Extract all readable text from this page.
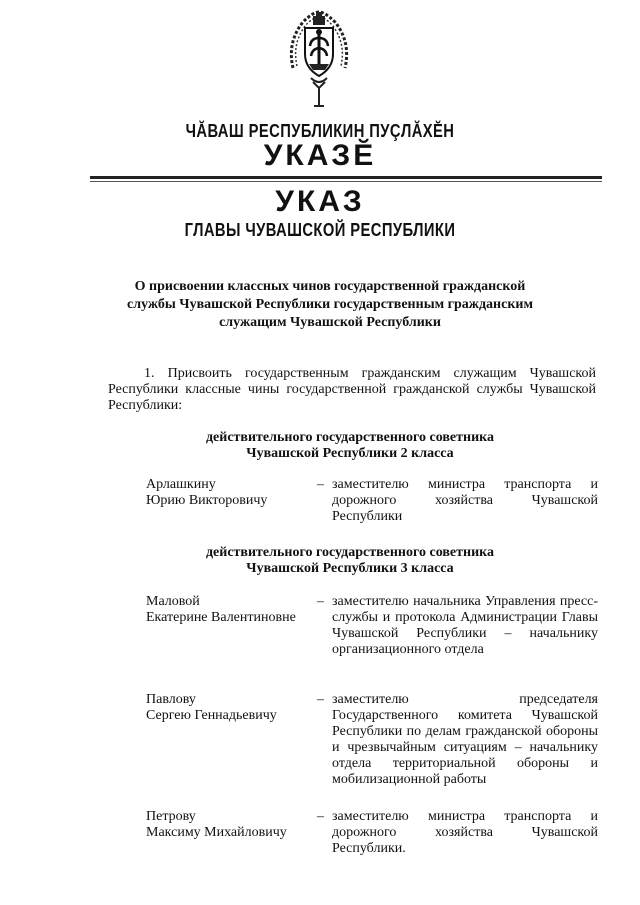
ЧĂВАШ РЕСПУБЛИКИН ПУÇЛĂХĔН
УКАЗĔ
УКАЗ
ГЛАВЫ ЧУВАШСКОЙ РЕСПУБЛИКИ
О присвоении классных чинов государственной гражданской
службы Чувашской Республики государственным гражданским
служащим Чувашской Республики
1. Присвоить государственным гражданским служащим Чувашской Республики классные чины государственной гражданской службы Чувашской Республики:
действительного государственного советника
Чувашской Республики 2 класса
Арлашкину
Юрию Викторовичу
– заместителю министра транспорта и дорожного хозяйства Чувашской Республики
действительного государственного советника
Чувашской Республики 3 класса
Маловой
Екатерине Валентиновне
– заместителю начальника Управления пресс-службы и протокола Администрации Главы Чувашской Республики – начальнику организационного отдела
Павлову
Сергею Геннадьевичу
– заместителю председателя Государственного комитета Чувашской Республики по делам гражданской обороны и чрезвычайным ситуациям – начальнику отдела территориальной обороны и мобилизационной работы
Петрову
Максиму Михайловичу
– заместителю министра транспорта и дорожного хозяйства Чувашской Республики.
